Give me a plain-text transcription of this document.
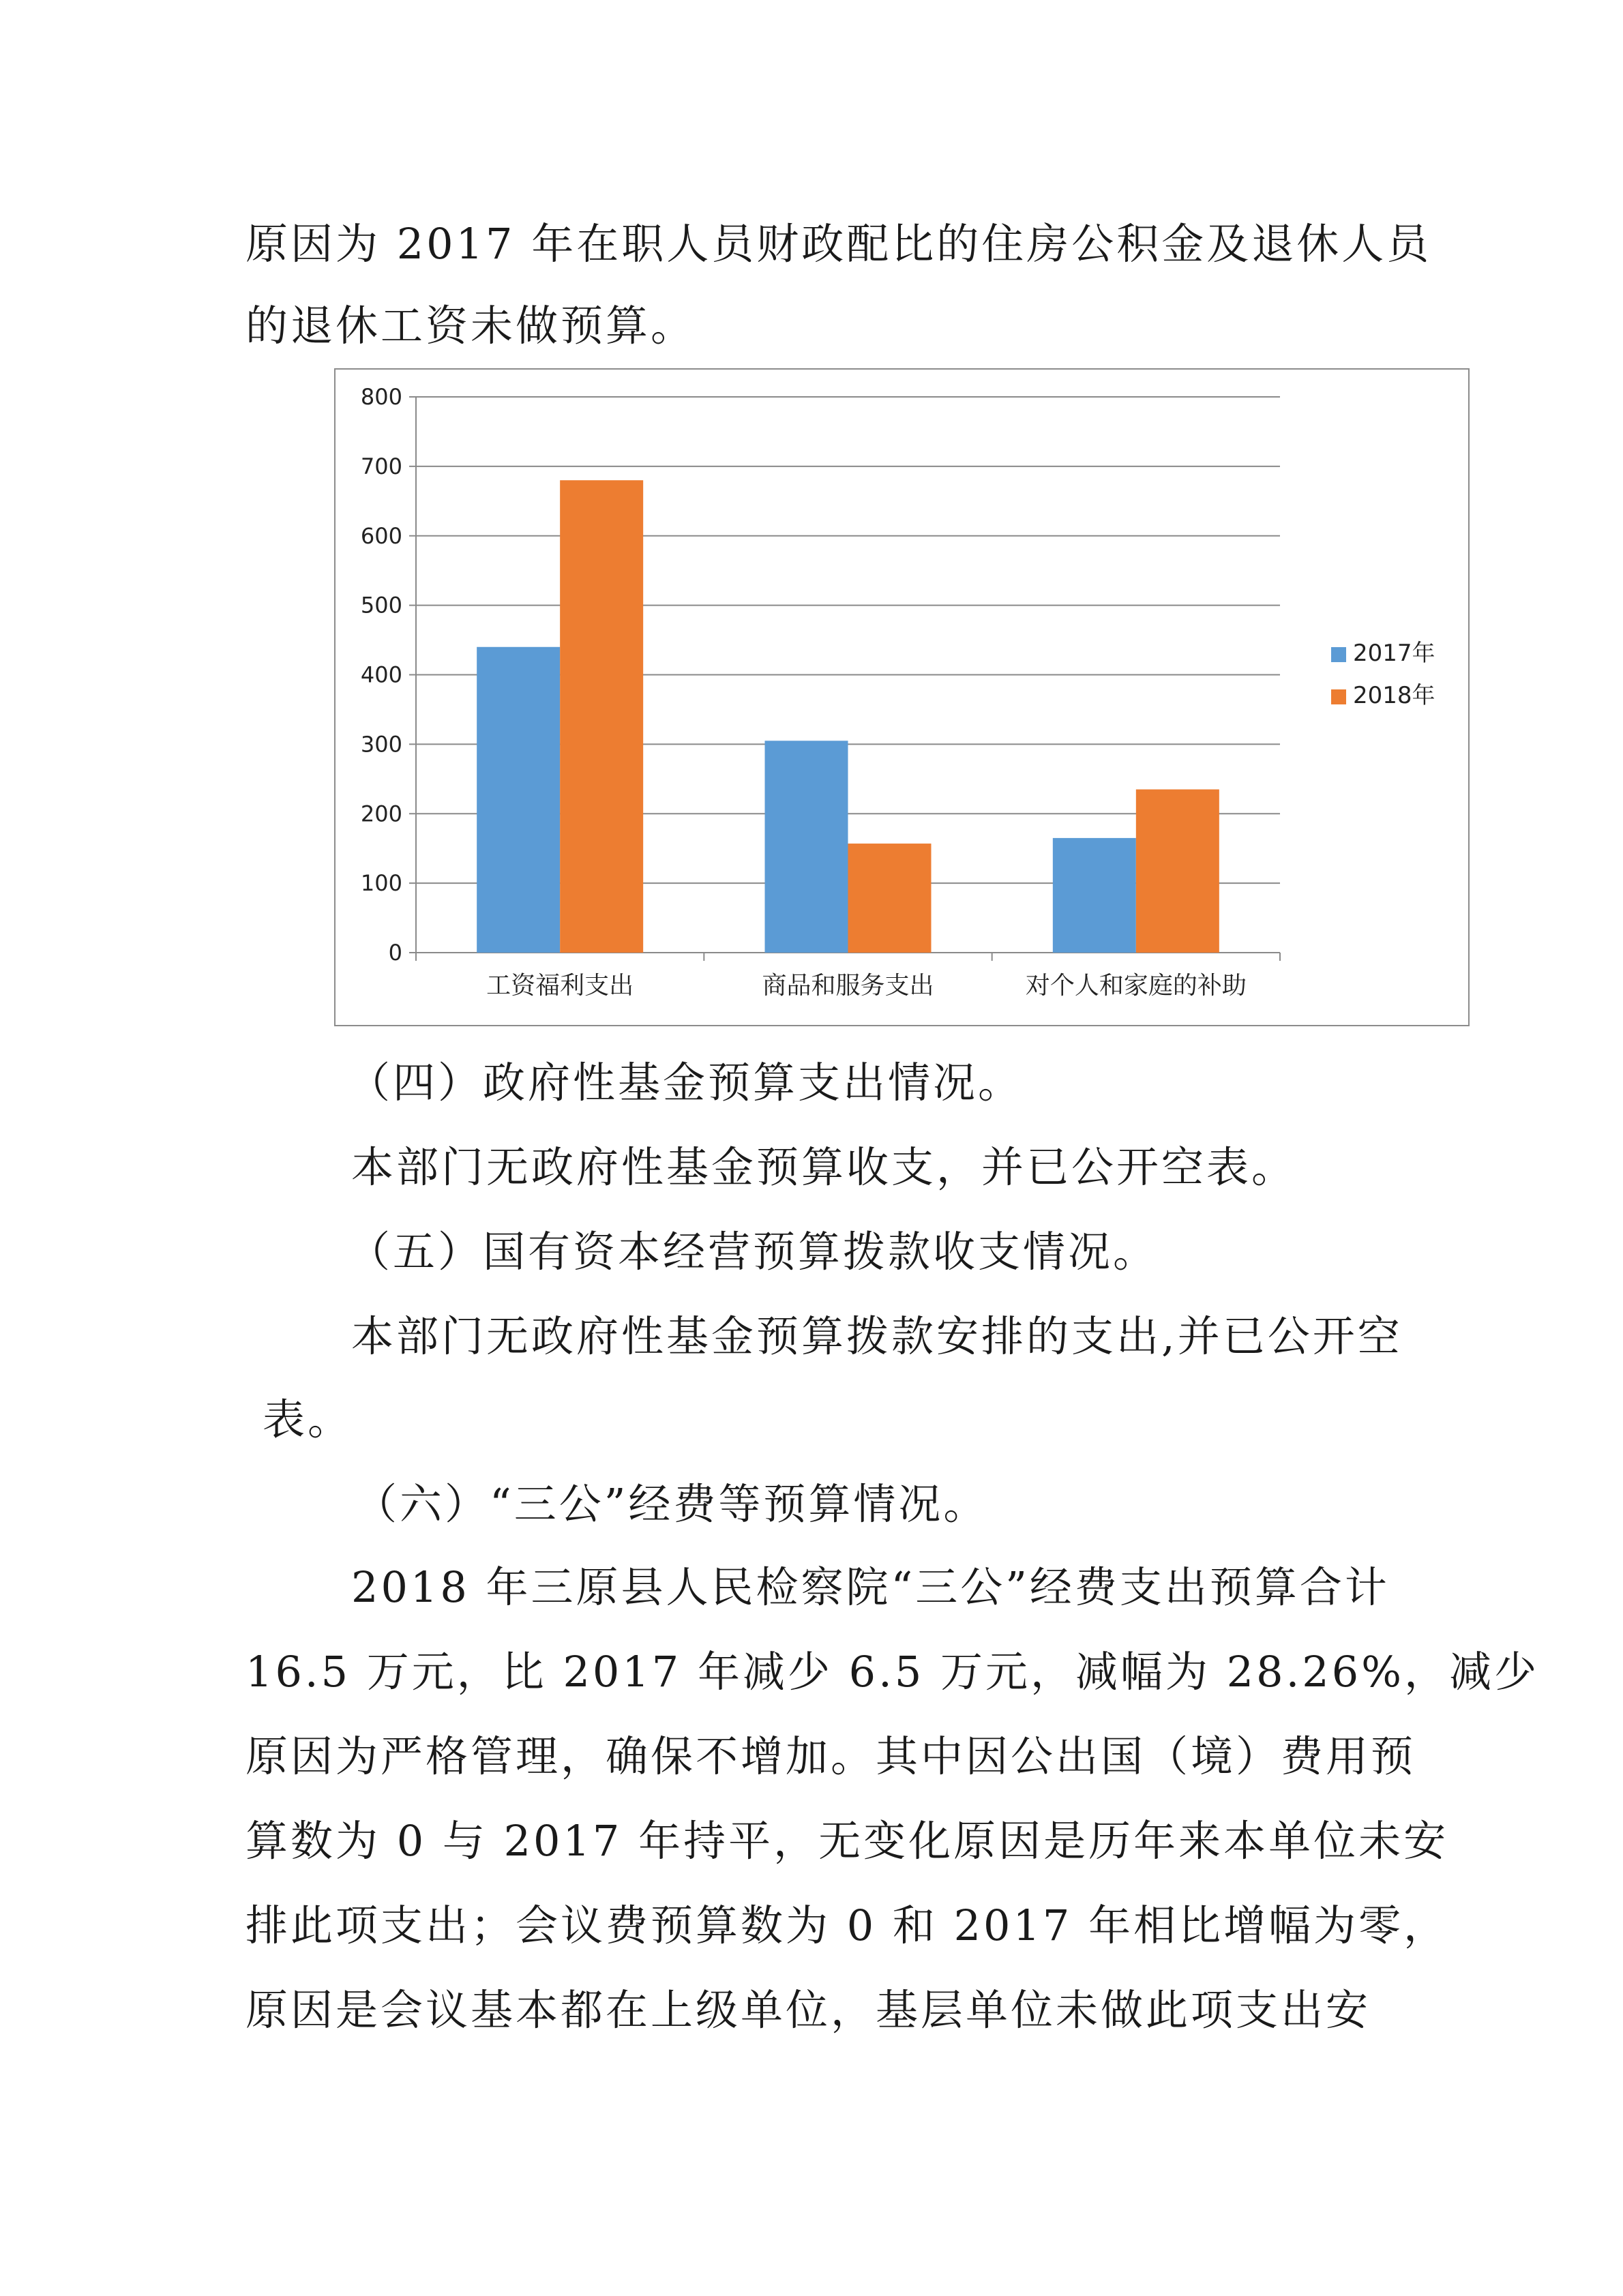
原因为 2017 年在职人员财政配比的住房公积金及退休人员
的退休工资未做预算。
0
100
200
300
400
500
600
700
800
工资福利支出	商品和服务支出	对个人和家庭的补助
2017年
2018年
（四）政府性基金预算支出情况。
本部门无政府性基金预算收支，并已公开空表。
（五）国有资本经营预算拨款收支情况。
本部门无政府性基金预算拨款安排的支出,并已公开空
表。
（六）“三公”经费等预算情况。
2018 年三原县人民检察院“三公”经费支出预算合计
16.5 万元，比 2017 年减少 6.5 万元，减幅为 28.26%，减少
原因为严格管理，确保不增加。其中因公出国（境）费用预
算数为 0 与 2017 年持平，无变化原因是历年来本单位未安
排此项支出；会议费预算数为 0 和 2017 年相比增幅为零，
原因是会议基本都在上级单位，基层单位未做此项支出安
